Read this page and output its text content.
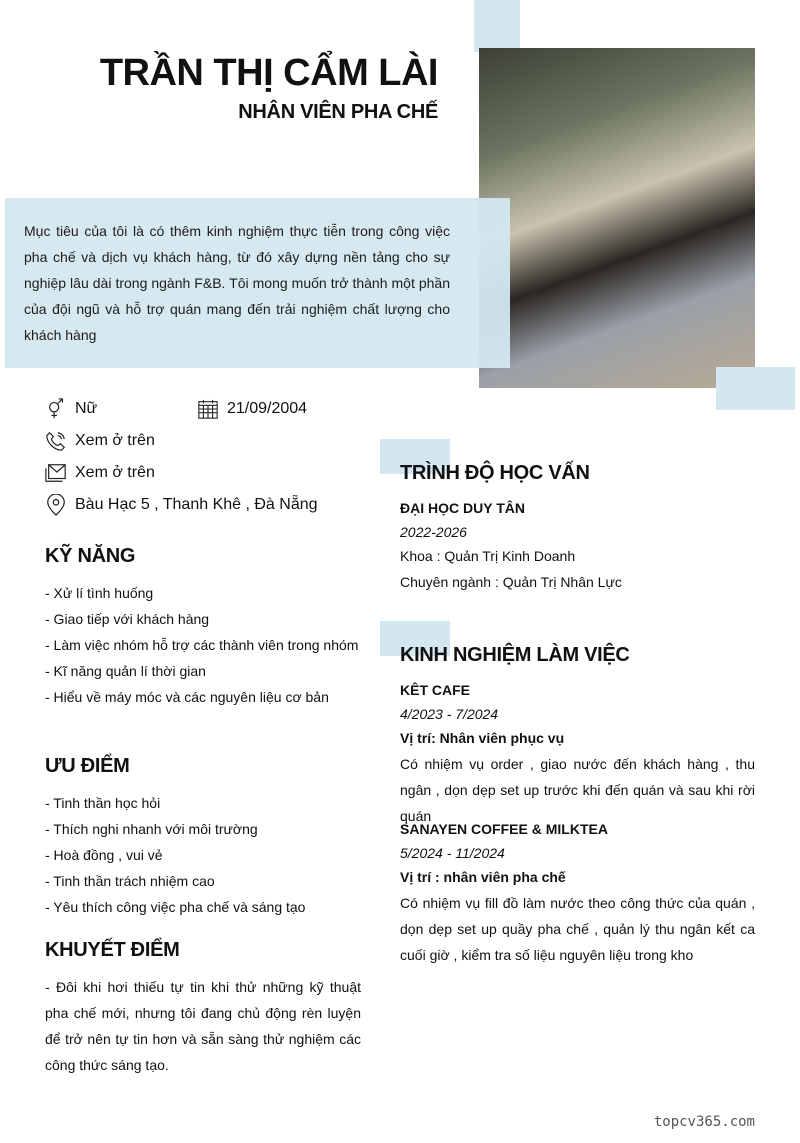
TRẦN THỊ CẨM LÀI
NHÂN VIÊN PHA CHẾ
Mục tiêu của tôi là có thêm kinh nghiệm thực tiễn trong công việc pha chế và dịch vụ khách hàng, từ đó xây dựng nền tảng cho sự nghiệp lâu dài trong ngành F&B. Tôi mong muốn trở thành một phần của đội ngũ và hỗ trợ quán mang đến trải nghiệm chất lượng cho khách hàng
Nữ	21/09/2004
Xem ở trên
Xem ở trên
Bàu Hạc 5 , Thanh Khê , Đà Nẵng
KỸ NĂNG
- Xử lí tình huống
- Giao tiếp với khách hàng
- Làm việc nhóm hỗ trợ các thành viên trong nhóm
- Kĩ năng quản lí thời gian
- Hiểu về máy móc và các nguyên liệu cơ bản
ƯU ĐIỂM
- Tinh thần học hỏi
- Thích nghi nhanh với môi trường
- Hoà đồng , vui vẻ
- Tinh thần trách nhiệm cao
- Yêu thích công việc pha chế và sáng tạo
KHUYẾT ĐIỂM
- Đôi khi hơi thiếu tự tin khi thử những kỹ thuật pha chế mới, nhưng tôi đang chủ động rèn luyện để trở nên tự tin hơn và sẵn sàng thử nghiệm các công thức sáng tạo.
TRÌNH ĐỘ HỌC VẤN
ĐẠI HỌC DUY TÂN
2022-2026
Khoa : Quản Trị Kinh Doanh
Chuyên ngành : Quản Trị Nhân Lực
KINH NGHIỆM LÀM VIỆC
KÊT CAFE
4/2023 - 7/2024
Vị trí: Nhân viên phục vụ
Có nhiệm vụ order , giao nước đến khách hàng , thu ngân , dọn dẹp set up trước khi đến quán và sau khi rời quán
SANAYEN COFFEE & MILKTEA
5/2024 - 11/2024
Vị trí : nhân viên pha chế
Có nhiệm vụ fill đồ làm nước theo công thức của quán , dọn dẹp set up quầy pha chế , quản lý thu ngân kết ca cuối giờ , kiểm tra số liệu nguyên liệu trong kho
topcv365.com
